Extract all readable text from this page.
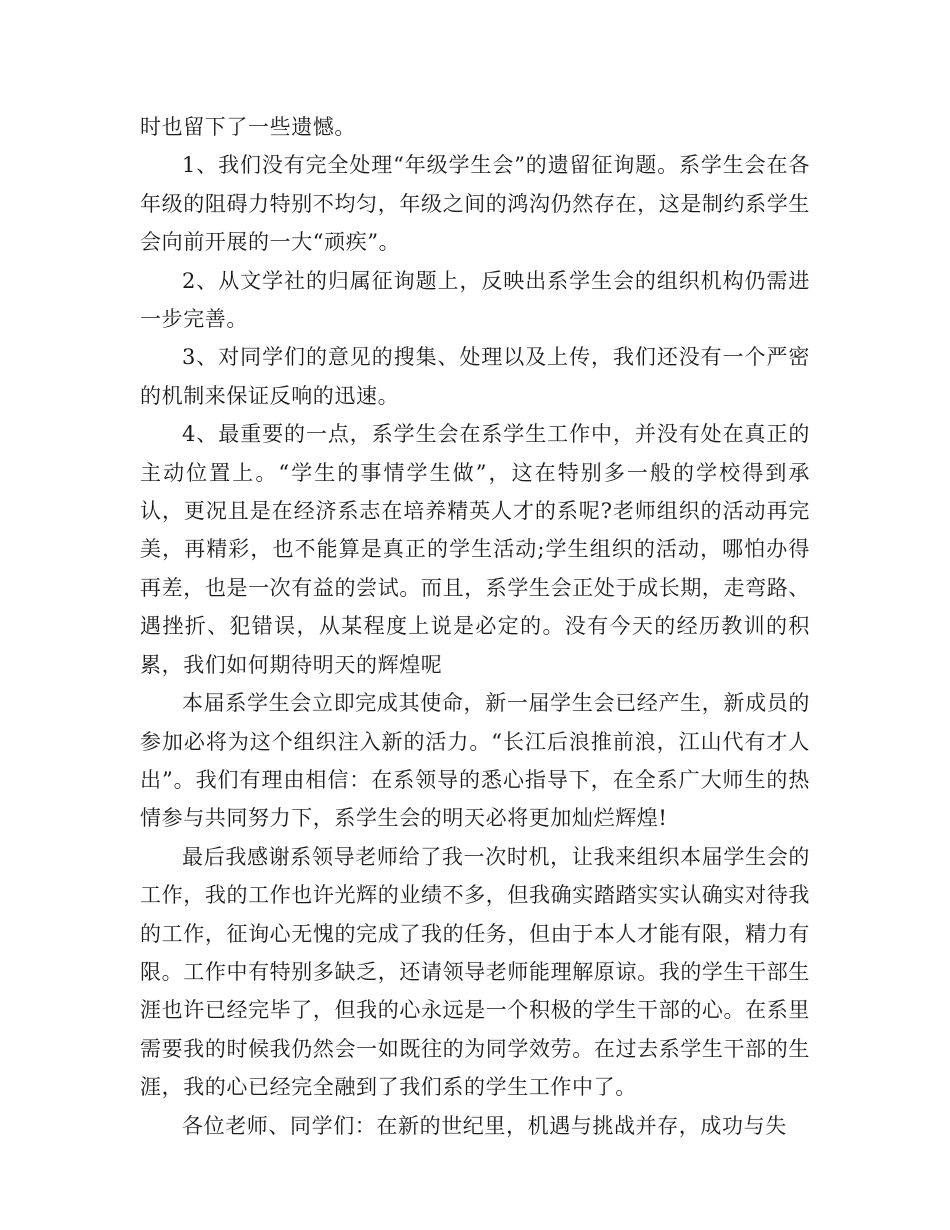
时也留下了一些遗憾。

1、我们没有完全处理“年级学生会”的遗留征询题。系学生会在各年级的阻碍力特别不均匀，年级之间的鸿沟仍然存在，这是制约系学生会向前开展的一大“顽疾”。

2、从文学社的归属征询题上，反映出系学生会的组织机构仍需进一步完善。

3、对同学们的意见的搜集、处理以及上传，我们还没有一个严密的机制来保证反响的迅速。

4、最重要的一点，系学生会在系学生工作中，并没有处在真正的主动位置上。“学生的事情学生做”，这在特别多一般的学校得到承认，更况且是在经济系志在培养精英人才的系呢?老师组织的活动再完美，再精彩，也不能算是真正的学生活动;学生组织的活动，哪怕办得再差，也是一次有益的尝试。而且，系学生会正处于成长期，走弯路、遇挫折、犯错误，从某程度上说是必定的。没有今天的经历教训的积累，我们如何期待明天的辉煌呢

本届系学生会立即完成其使命，新一届学生会已经产生，新成员的参加必将为这个组织注入新的活力。“长江后浪推前浪，江山代有才人出”。我们有理由相信：在系领导的悉心指导下，在全系广大师生的热情参与共同努力下，系学生会的明天必将更加灿烂辉煌!

最后我感谢系领导老师给了我一次时机，让我来组织本届学生会的工作，我的工作也许光辉的业绩不多，但我确实踏踏实实认确实对待我的工作，征询心无愧的完成了我的任务，但由于本人才能有限，精力有限。工作中有特别多缺乏，还请领导老师能理解原谅。我的学生干部生涯也许已经完毕了，但我的心永远是一个积极的学生干部的心。在系里需要我的时候我仍然会一如既往的为同学效劳。在过去系学生干部的生涯，我的心已经完全融到了我们系的学生工作中了。

各位老师、同学们：在新的世纪里，机遇与挑战并存，成功与失
